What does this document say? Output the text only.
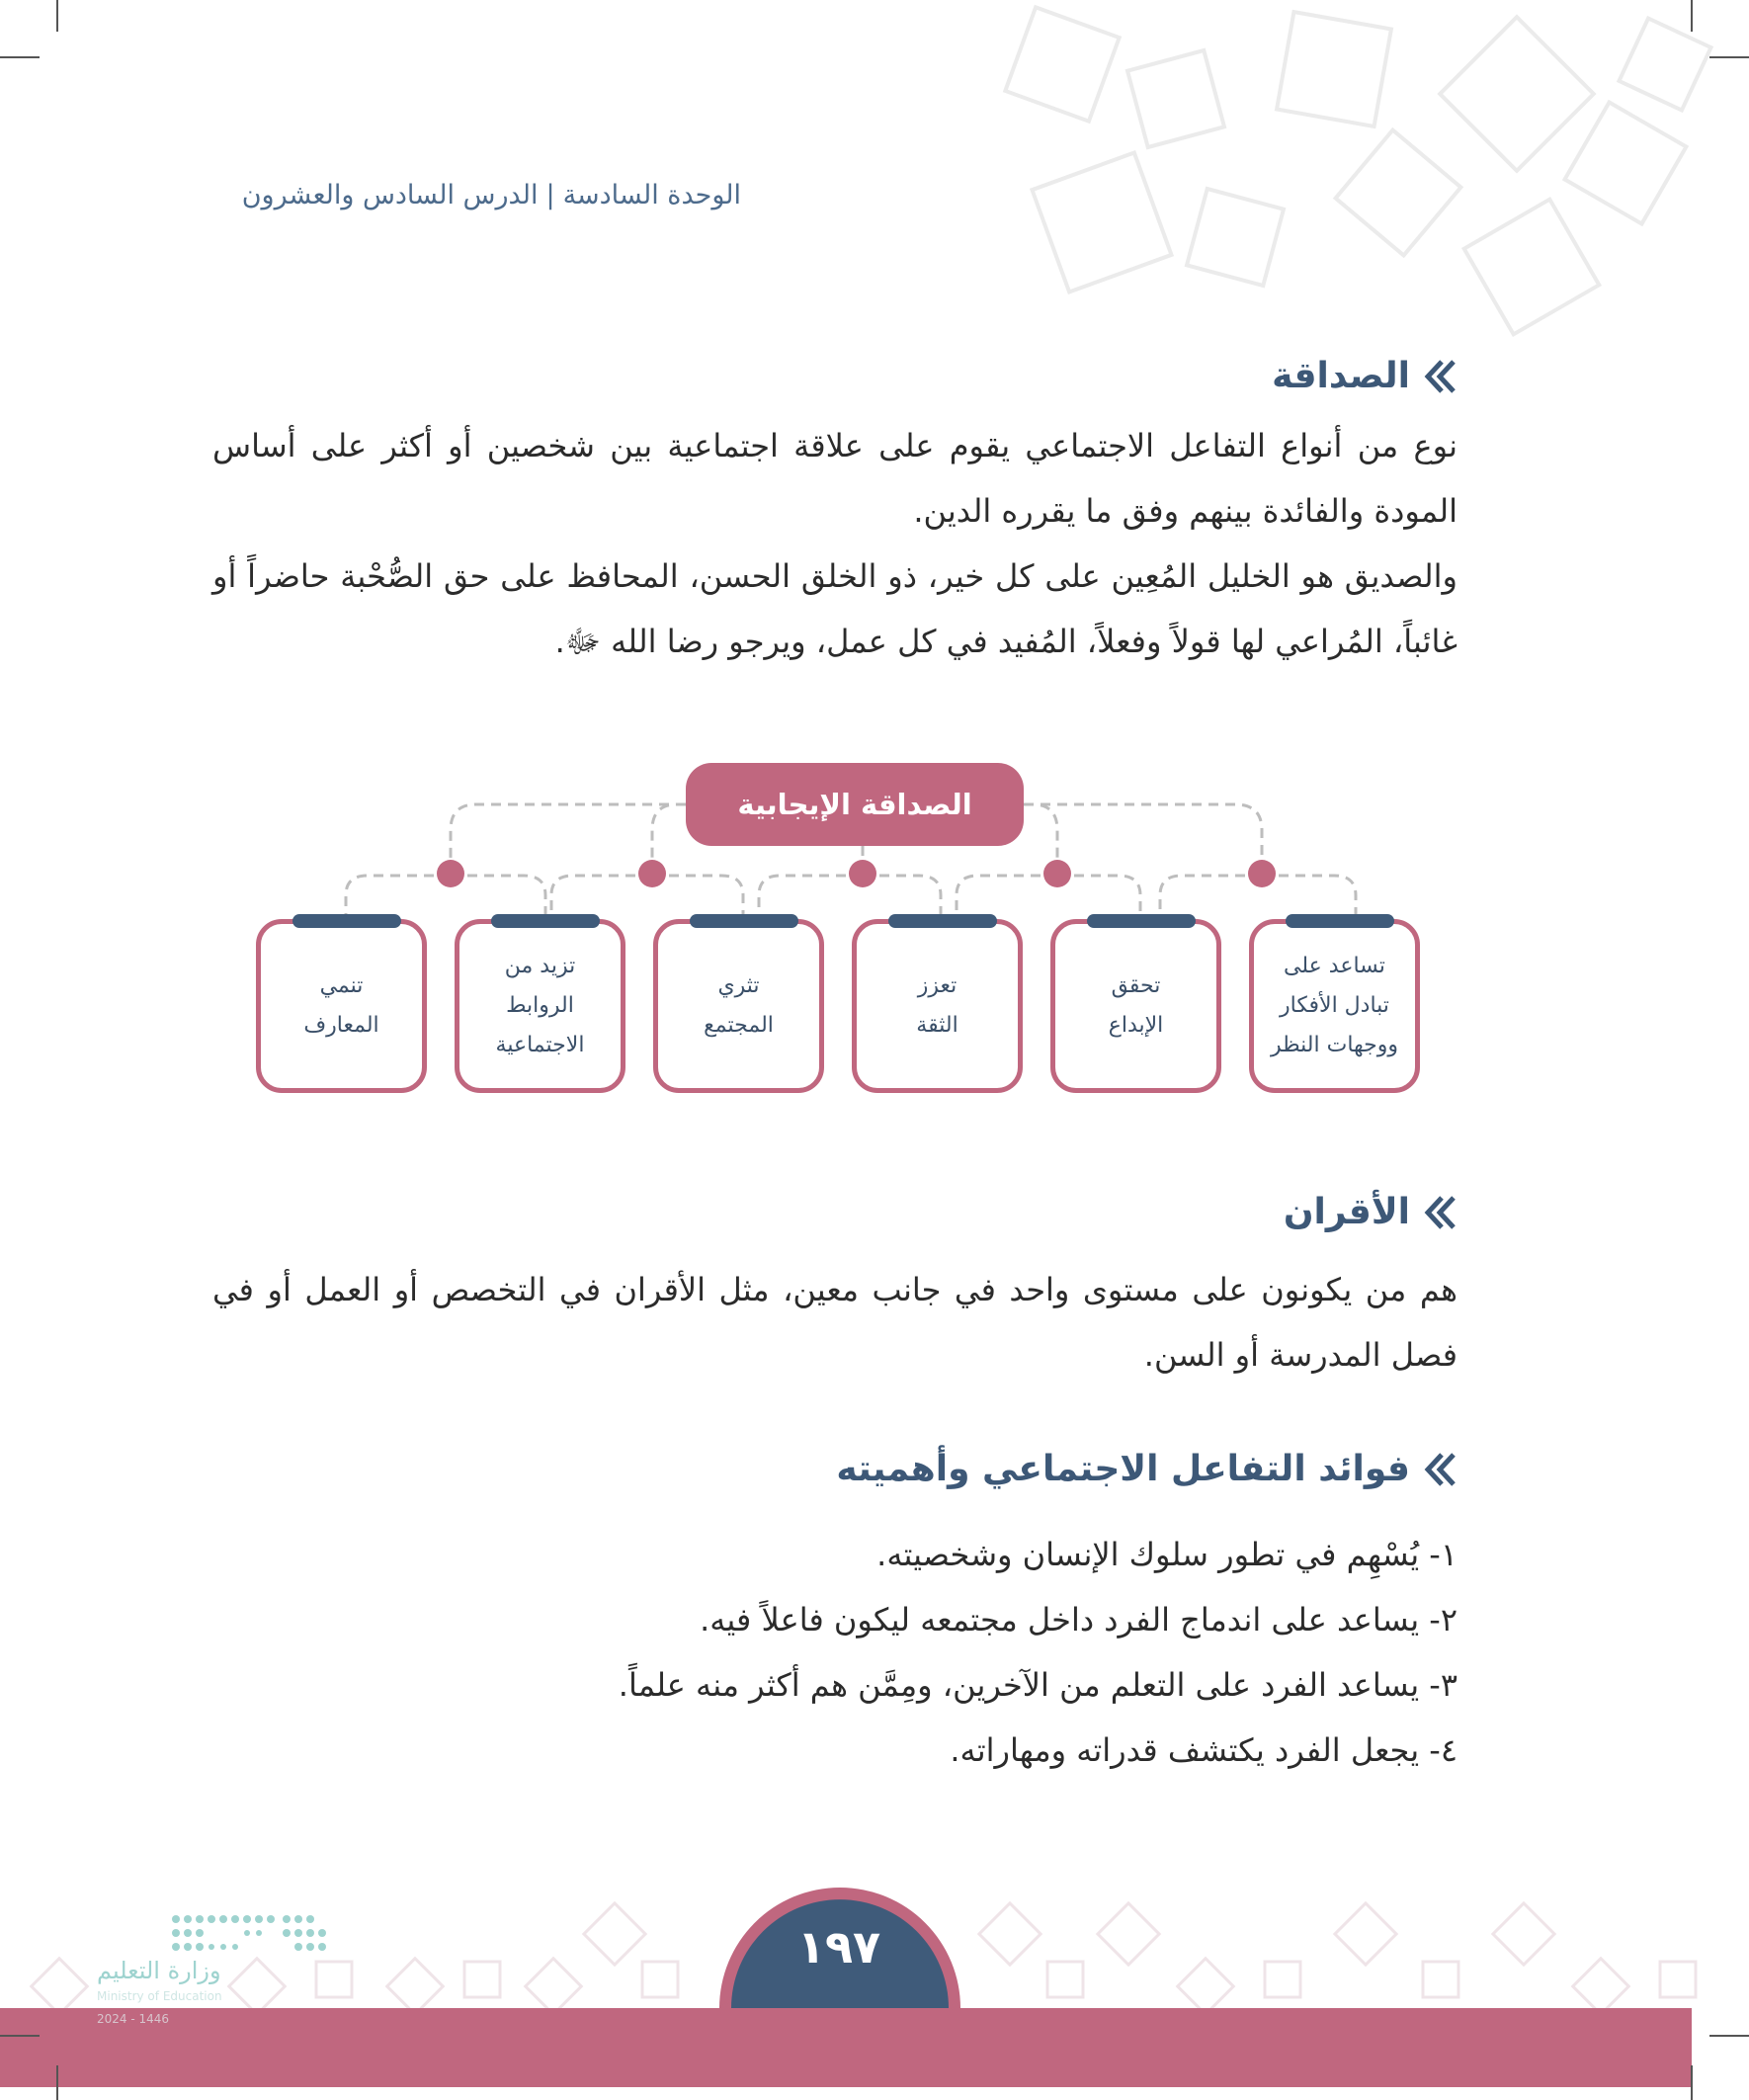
الوحدة السادسة|الدرس السادس والعشرون
الصداقة
نوع من أنواع التفاعل الاجتماعي يقوم على علاقة اجتماعية بين شخصين أو أكثر على أساس المودة والفائدة بينهم وفق ما يقرره الدين.
والصديق هو الخليل المُعِين على كل خير، ذو الخلق الحسن، المحافظ على حق الصُّحْبة حاضراً أو غائباً، المُراعي لها قولاً وفعلاً، المُفيد في كل عمل، ويرجو رضا الله ﷻ.
الصداقة الإيجابية
تساعد على
تبادل الأفكار
ووجهات النظر
تحقق
الإبداع
تعزز
الثقة
تثري
المجتمع
تزيد من
الروابط
الاجتماعية
تنمي
المعارف
الأقران
هم من يكونون على مستوى واحد في جانب معين، مثل الأقران في التخصص أو العمل أو في فصل المدرسة أو السن.
فوائد التفاعل الاجتماعي وأهميته
١- يُسْهِم في تطور سلوك الإنسان وشخصيته.
٢- يساعد على اندماج الفرد داخل مجتمعه ليكون فاعلاً فيه.
٣- يساعد الفرد على التعلم من الآخرين، ومِمَّن هم أكثر منه علماً.
٤- يجعل الفرد يكتشف قدراته ومهاراته.
١٩٧
وزارة التعليم
Ministry of Education
2024 - 1446
